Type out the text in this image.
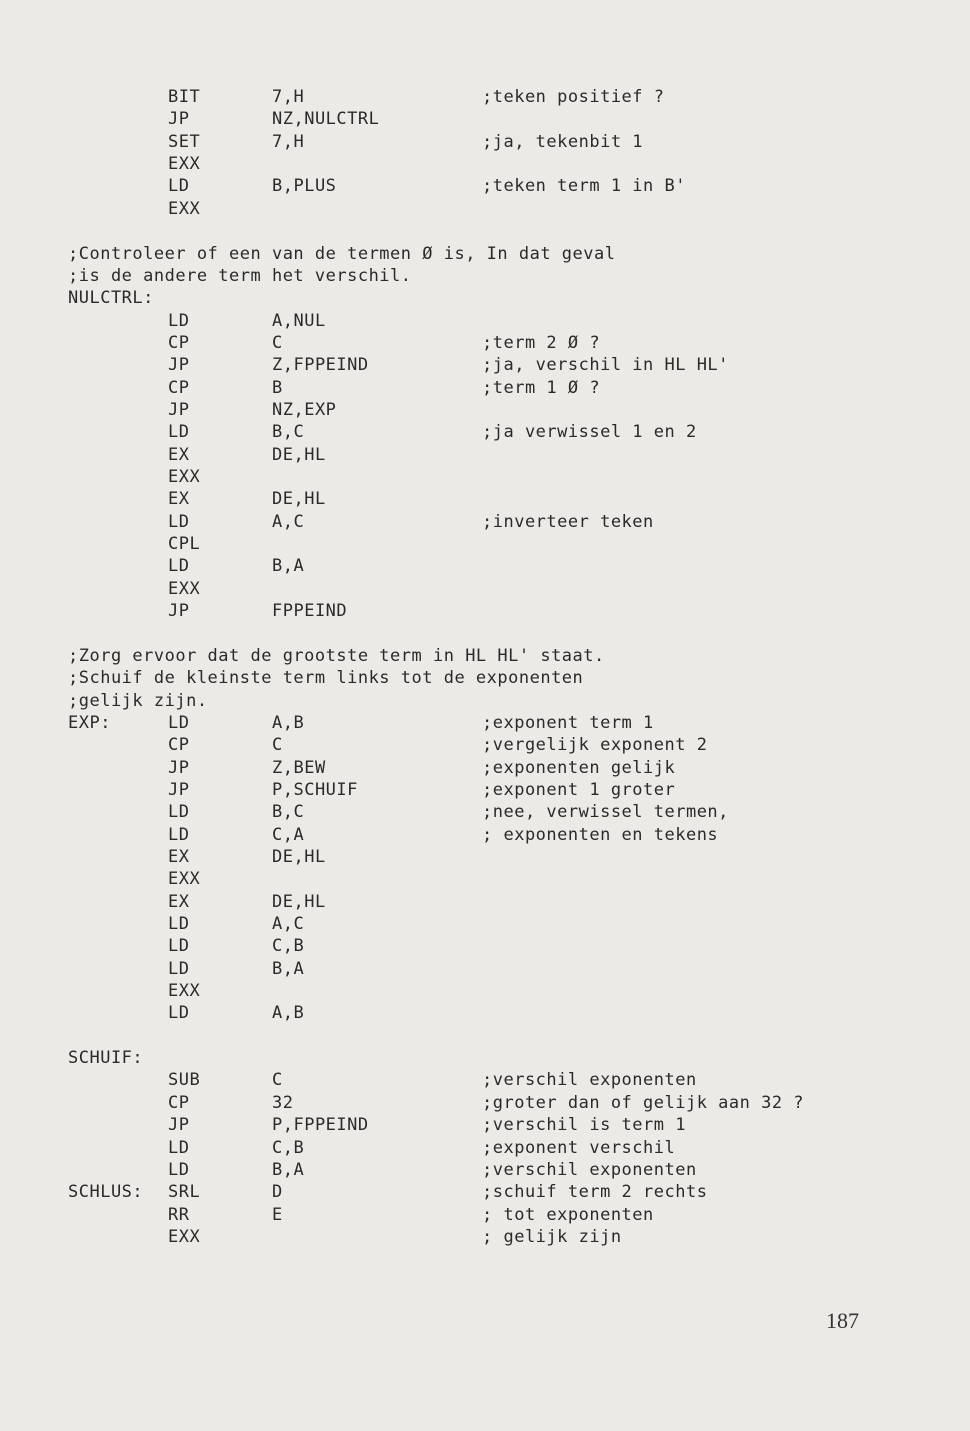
BIT	7,H	;teken positief ?
JP	NZ,NULCTRL
SET	7,H	;ja, tekenbit 1
EXX
LD	B,PLUS	;teken term 1 in B'
EXX
;Controleer of een van de termen Ø is, In dat geval
;is de andere term het verschil.
NULCTRL:
LD	A,NUL
CP	C	;term 2 Ø ?
JP	Z,FPPEIND	;ja, verschil in HL HL'
CP	B	;term 1 Ø ?
JP	NZ,EXP
LD	B,C	;ja verwissel 1 en 2
EX	DE,HL
EXX
EX	DE,HL
LD	A,C	;inverteer teken
CPL
LD	B,A
EXX
JP	FPPEIND
;Zorg ervoor dat de grootste term in HL HL' staat.
;Schuif de kleinste term links tot de exponenten
;gelijk zijn.
EXP:	LD	A,B	;exponent term 1
CP	C	;vergelijk exponent 2
JP	Z,BEW	;exponenten gelijk
JP	P,SCHUIF	;exponent 1 groter
LD	B,C	;nee, verwissel termen,
LD	C,A	; exponenten en tekens
EX	DE,HL
EXX
EX	DE,HL
LD	A,C
LD	C,B
LD	B,A
EXX
LD	A,B
SCHUIF:
SUB	C	;verschil exponenten
CP	32	;groter dan of gelijk aan 32 ?
JP	P,FPPEIND	;verschil is term 1
LD	C,B	;exponent verschil
LD	B,A	;verschil exponenten
SCHLUS: SRL	D	;schuif term 2 rechts
RR	E	; tot exponenten
EXX	; gelijk zijn
187
